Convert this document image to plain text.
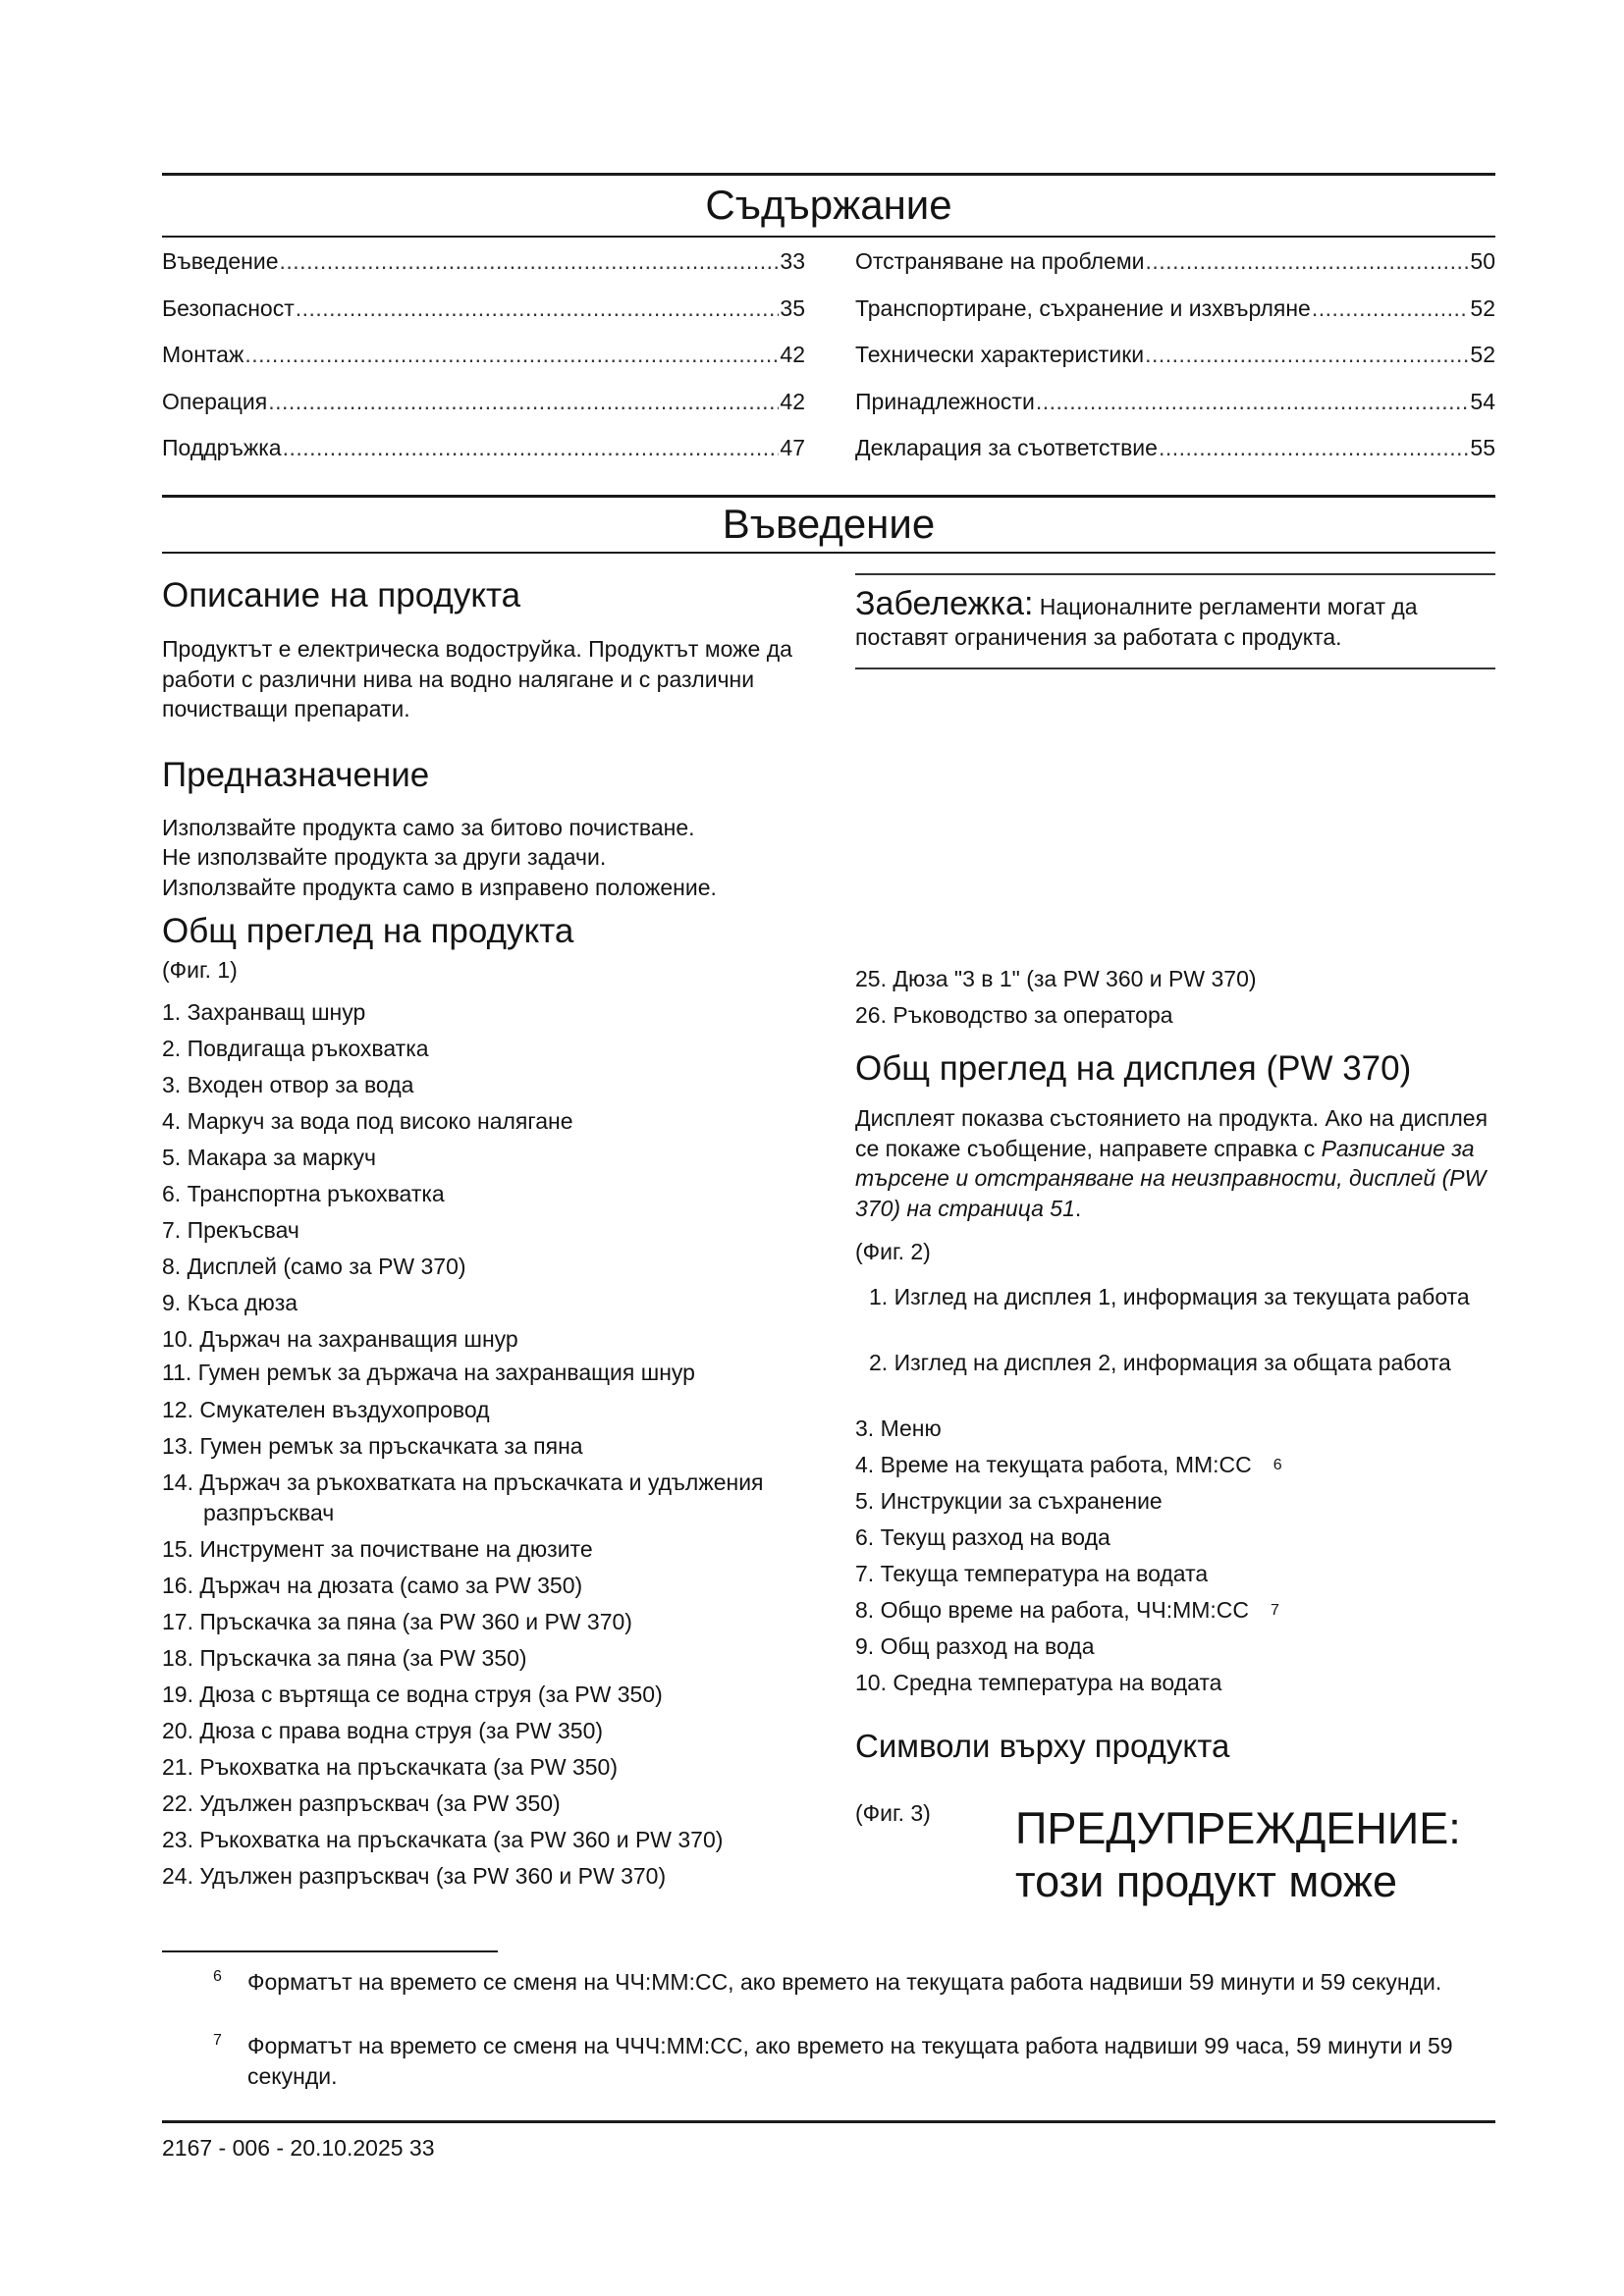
Съдържание
Въведение .....	33
Безопасност .....	35
Монтаж .....	42
Операция .....	42
Поддръжка .....	47
Отстраняване на проблеми .....	50
Транспортиране, съхранение и изхвърляне .....	52
Технически характеристики .....	52
Принадлежности .....	54
Декларация за съответствие .....	55
Въведение
Описание на продукта

Продуктът е електрическа водоструйка. Продуктът може да работи с различни нива на водно налягане и с различни почистващи препарати.

Предназначение
Използвайте продукта само за битово почистване.
Не използвайте продукта за други задачи.
Използвайте продукта само в изправено положение.
Забележка: Националните регламенти могат да поставят ограничения за работата с продукта.
Общ преглед на продукта
(Фиг. 1)
1. Захранващ шнур
2. Повдигаща ръкохватка
3. Входен отвор за вода
4. Маркуч за вода под високо налягане
5. Макара за маркуч
6. Транспортна ръкохватка
7. Прекъсвач
8. Дисплей (само за PW 370)
9. Къса дюза
10. Държач на захранващия шнур
11. Гумен ремък за държача на захранващия шнур
12. Смукателен въздухопровод
13. Гумен ремък за пръскачката за пяна
14. Държач за ръкохватката на пръскачката и удължения разпръсквач
15. Инструмент за почистване на дюзите
16. Държач на дюзата (само за PW 350)
17. Пръскачка за пяна (за PW 360 и PW 370)
18. Пръскачка за пяна (за PW 350)
19. Дюза с въртяща се водна струя (за PW 350)
20. Дюза с права водна струя (за PW 350)
21. Ръкохватка на пръскачката (за PW 350)
22. Удължен разпръсквач (за PW 350)
23. Ръкохватка на пръскачката (за PW 360 и PW 370)
24. Удължен разпръсквач (за PW 360 и PW 370)
25. Дюза "3 в 1" (за PW 360 и PW 370)
26. Ръководство за оператора
Общ преглед на дисплея (PW 370)

Дисплеят показва състоянието на продукта. Ако на дисплея се покаже съобщение, направете справка с Разписание за търсене и отстраняване на неизправности, дисплей (PW 370) на страница 51.

(Фиг. 2)
1. Изглед на дисплея 1, информация за текущата работа
2. Изглед на дисплея 2, информация за общата работа
3. Меню
4. Време на текущата работа, ММ:СС 6
5. Инструкции за съхранение
6. Текущ разход на вода
7. Текуща температура на водата
8. Общо време на работа, ЧЧ:ММ:СС 7
9. Общ разход на вода
10. Средна температура на водата
Символи върху продукта
(Фиг. 3) ПРЕДУПРЕЖДЕНИЕ:
този продукт може
6	Форматът на времето се сменя на ЧЧ:ММ:СС, ако времето на текущата работа надвиши 59 минути и 59 секунди.
7	Форматът на времето се сменя на ЧЧЧ:ММ:СС, ако времето на текущата работа надвиши 99 часа, 59 минути и 59 секунди.
2167 - 006 - 20.10.2025 33
